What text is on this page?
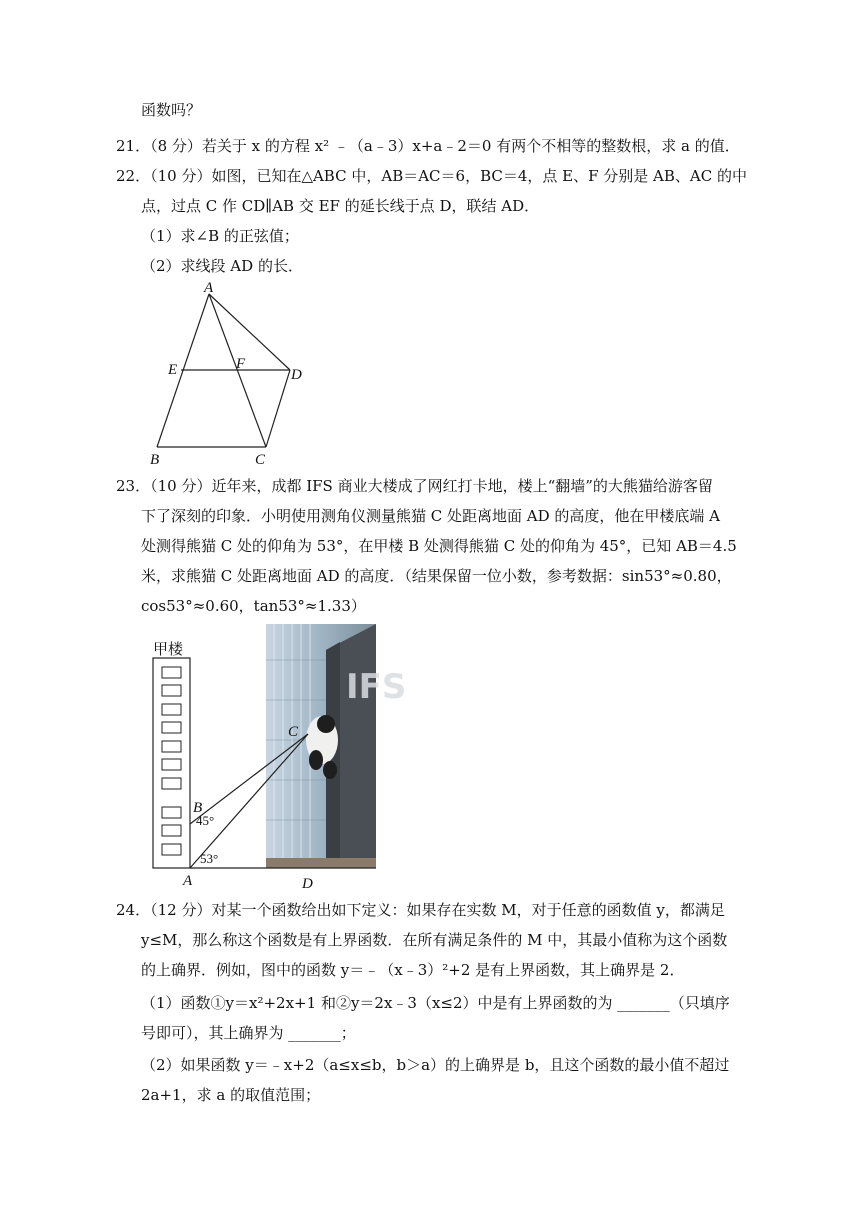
函数吗？
21．（8 分）若关于 x 的方程 x² ﹣（a﹣3）x+a﹣2＝0 有两个不相等的整数根，求 a 的值．
22．（10 分）如图，已知在△ABC 中，AB＝AC＝6，BC＝4，点 E、F 分别是 AB、AC 的中
点，过点 C 作 CD∥AB 交 EF 的延长线于点 D，联结 AD．
（1）求∠B 的正弦值；
（2）求线段 AD 的长．
A
E	F
D
B	C
23．（10 分）近年来，成都 IFS 商业大楼成了网红打卡地，楼上“翻墙”的大熊猫给游客留
下了深刻的印象．小明使用测角仪测量熊猫 C 处距离地面 AD 的高度，他在甲楼底端 A
处测得熊猫 C 处的仰角为 53°，在甲楼 B 处测得熊猫 C 处的仰角为 45°，已知 AB＝4.5
米，求熊猫 C 处距离地面 AD 的高度．（结果保留一位小数，参考数据：sin53°≈0.80，
cos53°≈0.60，tan53°≈1.33）
IFS
甲楼
C
B
45°
53°
A	D
24．（12 分）对某一个函数给出如下定义：如果存在实数 M，对于任意的函数值 y，都满足
y≤M，那么称这个函数是有上界函数．在所有满足条件的 M 中，其最小值称为这个函数
的上确界．例如，图中的函数 y＝﹣（x﹣3）²+2 是有上界函数，其上确界是 2．
（1）函数①y＝x²+2x+1 和②y＝2x﹣3（x≤2）中是有上界函数的为 _______（只填序
号即可），其上确界为 _______；
（2）如果函数 y＝﹣x+2（a≤x≤b，b＞a）的上确界是 b，且这个函数的最小值不超过
2a+1，求 a 的取值范围；
